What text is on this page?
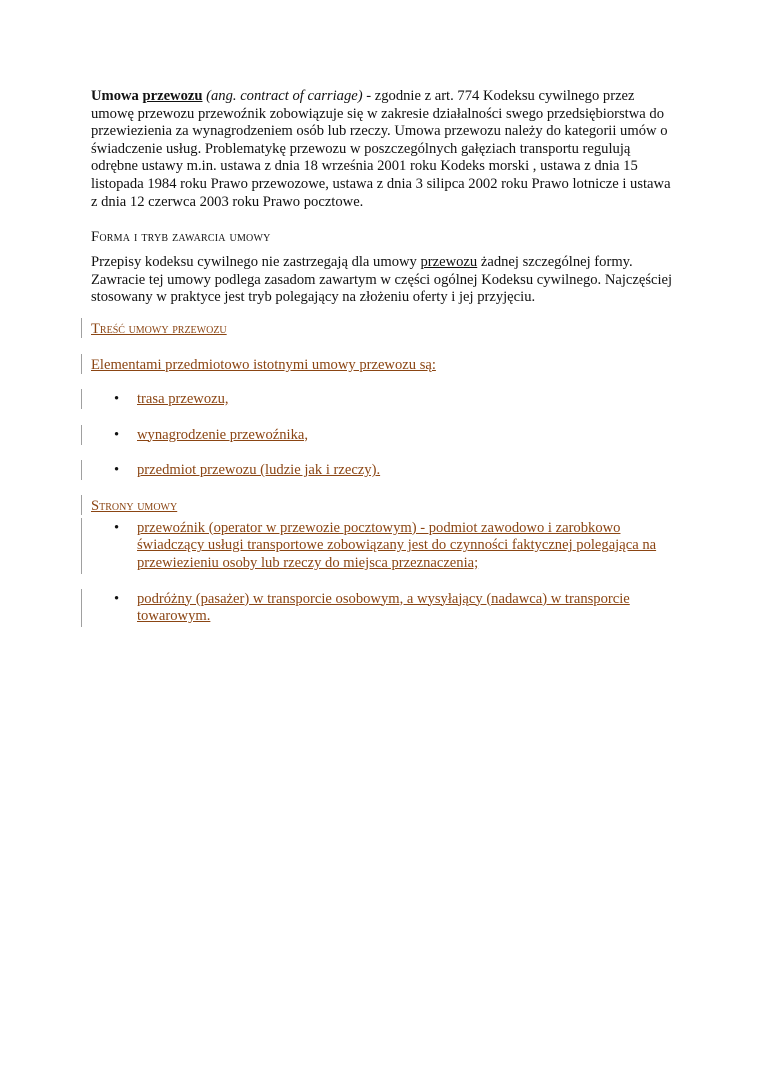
Umowa przewozu (ang. contract of carriage) - zgodnie z art. 774 Kodeksu cywilnego przez umowę przewozu przewoźnik zobowiązuje się w zakresie działalności swego przedsiębiorstwa do przewiezienia za wynagrodzeniem osób lub rzeczy. Umowa przewozu należy do kategorii umów o świadczenie usług. Problematykę przewozu w poszczególnych gałęziach transportu regulują odrębne ustawy m.in. ustawa z dnia 18 września 2001 roku Kodeks morski , ustawa z dnia 15 listopada 1984 roku Prawo przewozowe, ustawa z dnia 3 silipca 2002 roku Prawo lotnicze i ustawa z dnia 12 czerwca 2003 roku Prawo pocztowe.

Forma i tryb zawarcia umowy

Przepisy kodeksu cywilnego nie zastrzegają dla umowy przewozu żadnej szczególnej formy. Zawracie tej umowy podlega zasadom zawartym w części ogólnej Kodeksu cywilnego. Najczęściej stosowany w praktyce jest tryb polegający na złożeniu oferty i jej przyjęciu.

Treść umowy przewozu

Elementami przedmiotowo istotnymi umowy przewozu są:

• trasa przewozu,
• wynagrodzenie przewoźnika,
• przedmiot przewozu (ludzie jak i rzeczy).

Strony umowy

• przewoźnik (operator w przewozie pocztowym) - podmiot zawodowo i zarobkowo świadczący usługi transportowe zobowiązany jest do czynności faktycznej polegająca na przewiezieniu osoby lub rzeczy do miejsca przeznaczenia;
• podróżny (pasażer) w transporcie osobowym, a wysyłający (nadawca) w transporcie towarowym.
